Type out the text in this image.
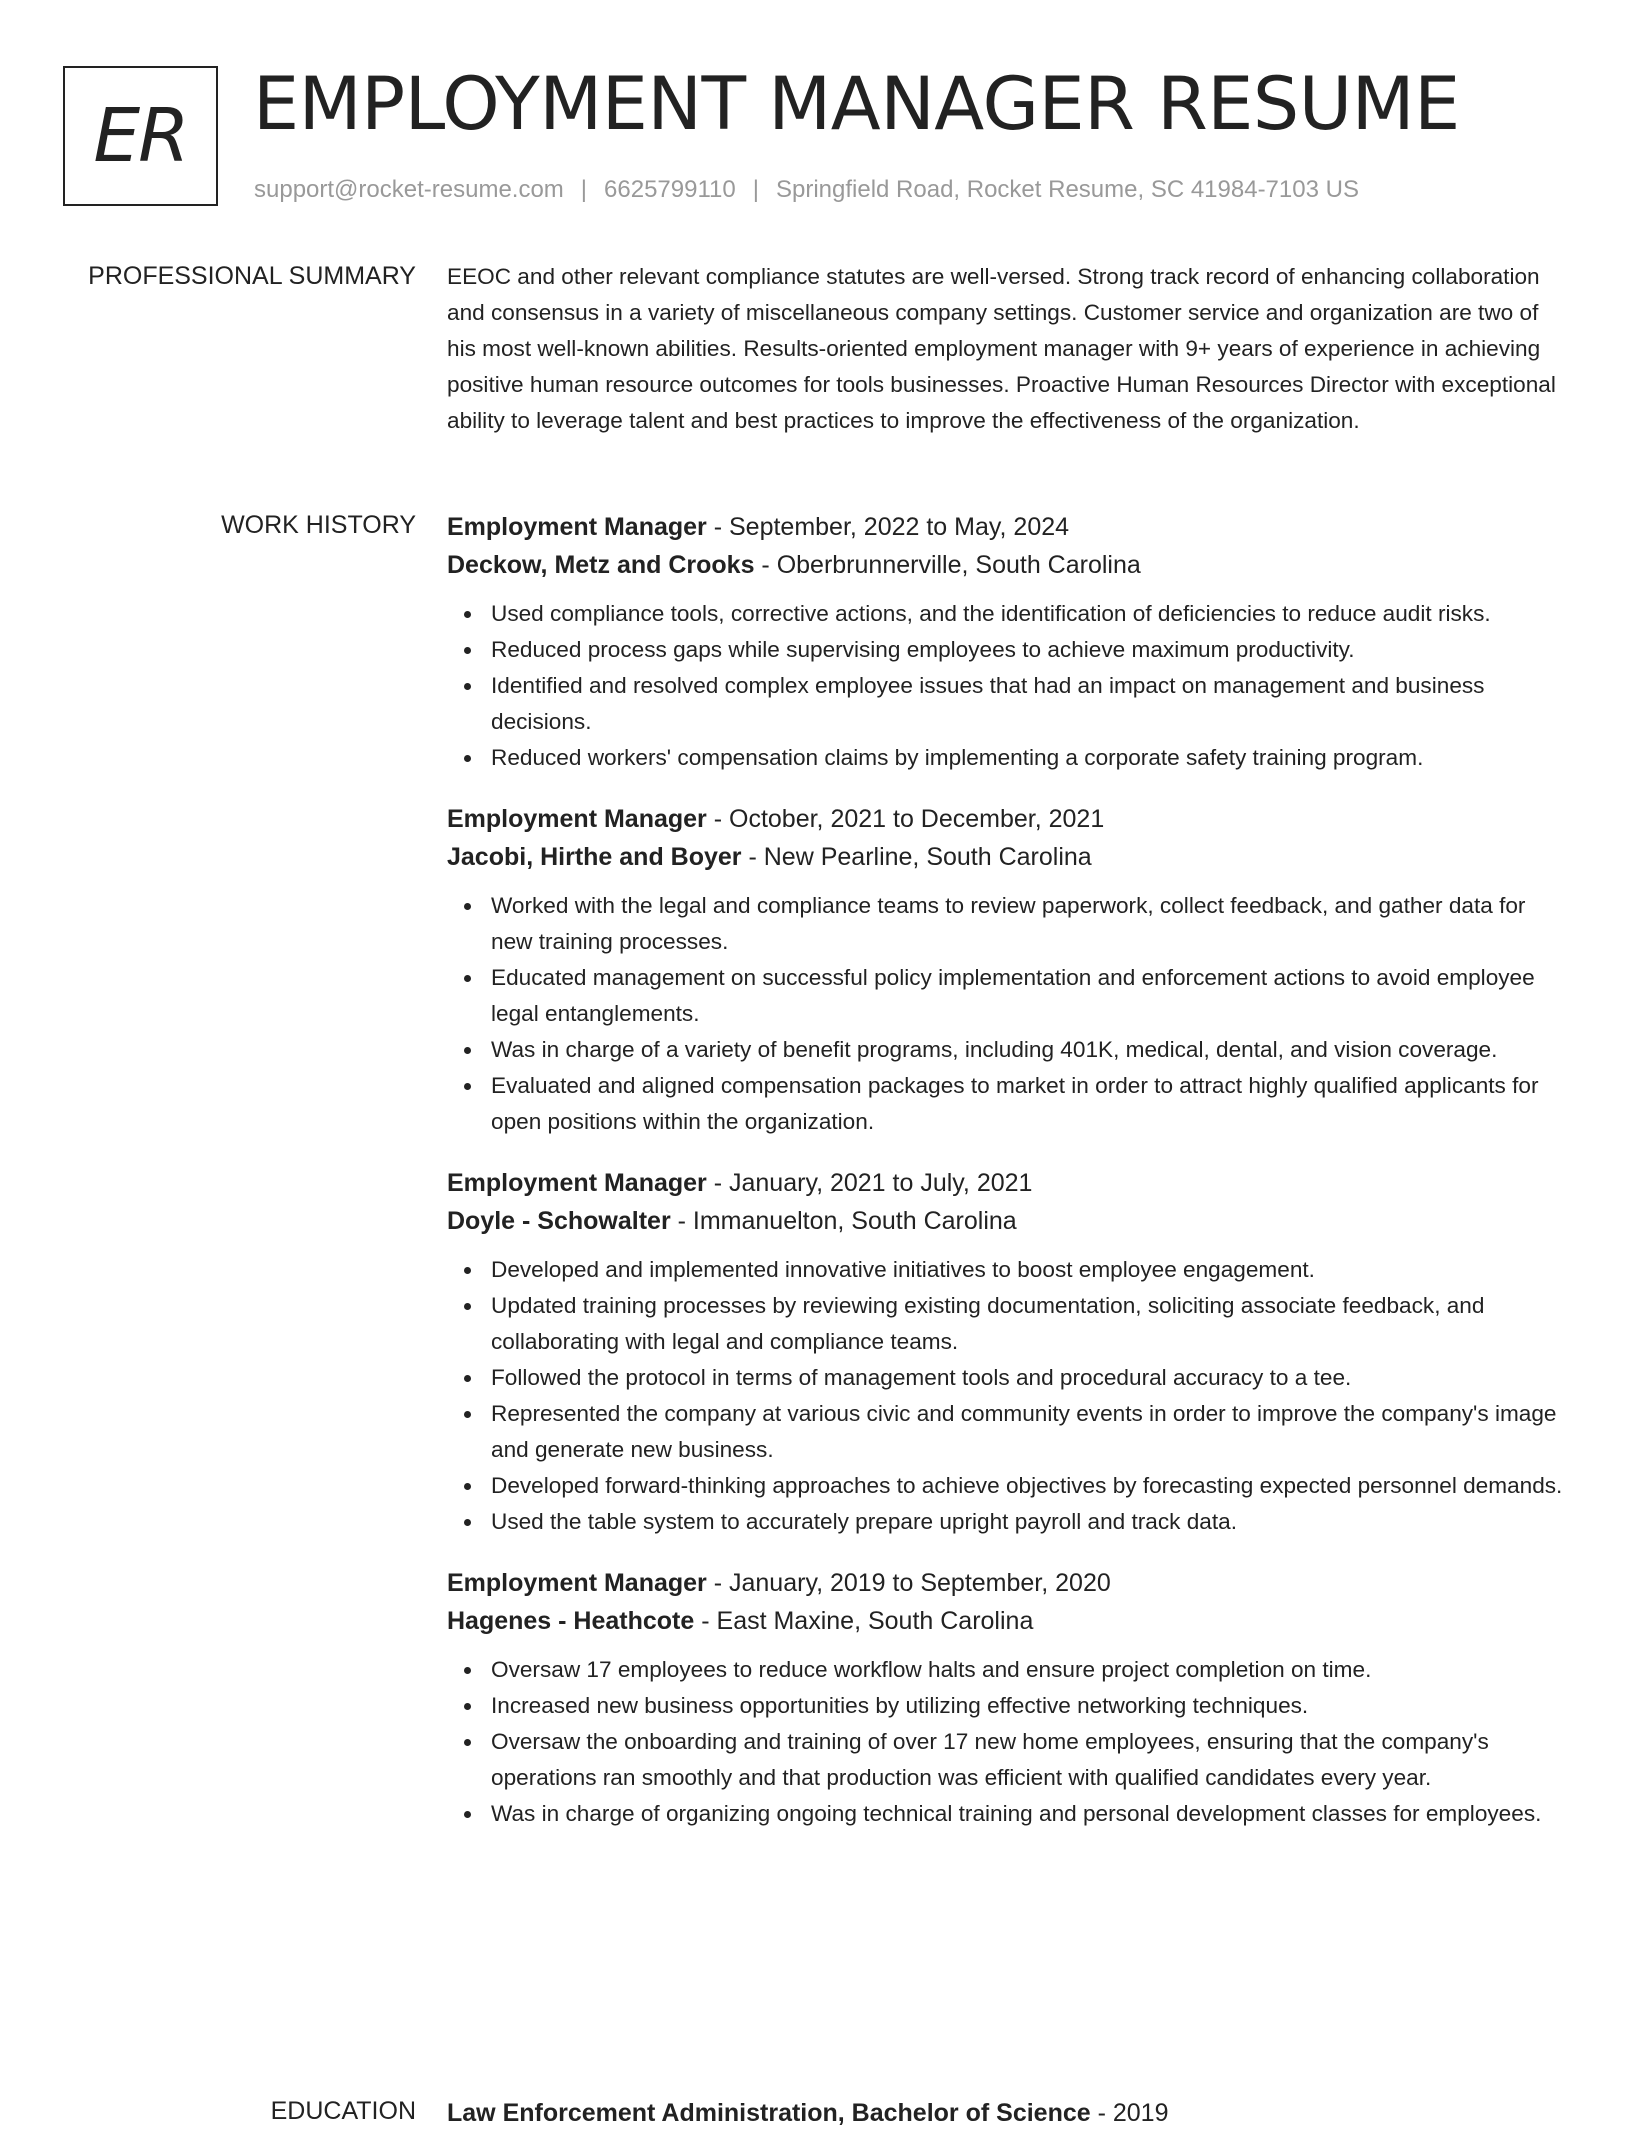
ER EMPLOYMENT MANAGER RESUME
support@rocket-resume.com | 6625799110 | Springfield Road, Rocket Resume, SC 41984-7103 US
PROFESSIONAL SUMMARY EEOC and other relevant compliance statutes are well-versed. Strong track record of enhancing collaboration and consensus in a variety of miscellaneous company settings. Customer service and organization are two of his most well-known abilities. Results-oriented employment manager with 9+ years of experience in achieving positive human resource outcomes for tools businesses. Proactive Human Resources Director with exceptional ability to leverage talent and best practices to improve the effectiveness of the organization.

WORK HISTORY Employment Manager - September, 2022 to May, 2024
Deckow, Metz and Crooks - Oberbrunnerville, South Carolina
Used compliance tools, corrective actions, and the identification of deficiencies to reduce audit risks.
Reduced process gaps while supervising employees to achieve maximum productivity.
Identified and resolved complex employee issues that had an impact on management and business decisions.
Reduced workers' compensation claims by implementing a corporate safety training program.
Employment Manager - October, 2021 to December, 2021
Jacobi, Hirthe and Boyer - New Pearline, South Carolina
Worked with the legal and compliance teams to review paperwork, collect feedback, and gather data for new training processes.
Educated management on successful policy implementation and enforcement actions to avoid employee legal entanglements.
Was in charge of a variety of benefit programs, including 401K, medical, dental, and vision coverage.
Evaluated and aligned compensation packages to market in order to attract highly qualified applicants for open positions within the organization.
Employment Manager - January, 2021 to July, 2021
Doyle - Schowalter - Immanuelton, South Carolina
Developed and implemented innovative initiatives to boost employee engagement.
Updated training processes by reviewing existing documentation, soliciting associate feedback, and collaborating with legal and compliance teams.
Followed the protocol in terms of management tools and procedural accuracy to a tee.
Represented the company at various civic and community events in order to improve the company's image and generate new business.
Developed forward-thinking approaches to achieve objectives by forecasting expected personnel demands.
Used the table system to accurately prepare upright payroll and track data.
Employment Manager - January, 2019 to September, 2020
Hagenes - Heathcote - East Maxine, South Carolina
Oversaw 17 employees to reduce workflow halts and ensure project completion on time.
Increased new business opportunities by utilizing effective networking techniques.
Oversaw the onboarding and training of over 17 new home employees, ensuring that the company's operations ran smoothly and that production was efficient with qualified candidates every year.
Was in charge of organizing ongoing technical training and personal development classes for employees.
EDUCATION Law Enforcement Administration, Bachelor of Science - 2019
